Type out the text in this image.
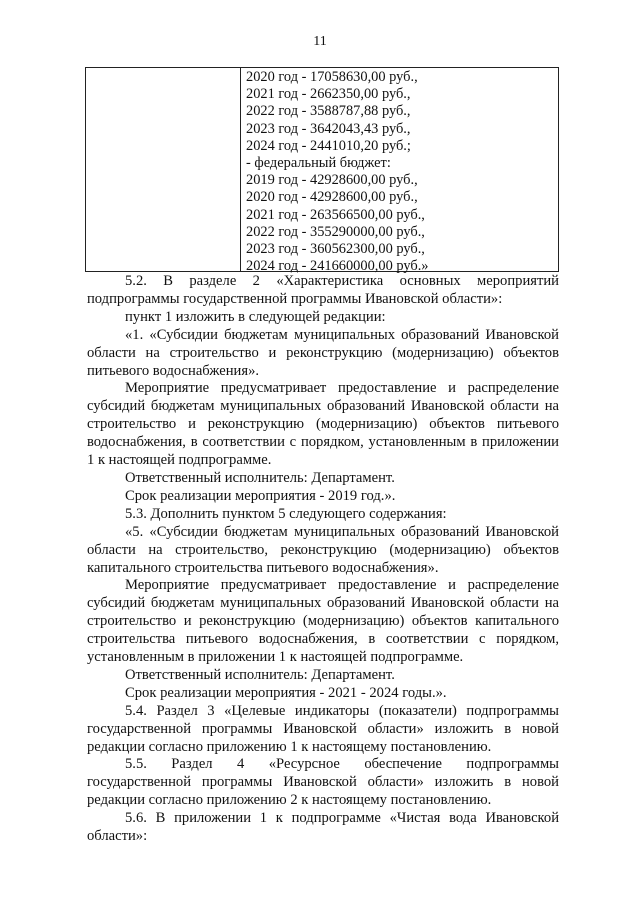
11
2020 год - 17058630,00 руб.,
2021 год - 2662350,00 руб.,
2022 год - 3588787,88 руб.,
2023 год - 3642043,43 руб.,
2024 год - 2441010,20 руб.;
- федеральный бюджет:
2019 год - 42928600,00 руб.,
2020 год - 42928600,00 руб.,
2021 год - 263566500,00 руб.,
2022 год - 355290000,00 руб.,
2023 год - 360562300,00 руб.,
2024 год - 241660000,00 руб.»
5.2. В разделе 2 «Характеристика основных мероприятий
подпрограммы государственной программы Ивановской области»:
пункт 1 изложить в следующей редакции:
«1. «Субсидии бюджетам муниципальных образований Ивановской
области на строительство и реконструкцию (модернизацию) объектов
питьевого водоснабжения».
Мероприятие предусматривает предоставление и распределение
субсидий бюджетам муниципальных образований Ивановской области на
строительство и реконструкцию (модернизацию) объектов питьевого
водоснабжения, в соответствии с порядком, установленным в приложении
1 к настоящей подпрограмме.
Ответственный исполнитель: Департамент.
Срок реализации мероприятия - 2019 год.».
5.3. Дополнить пунктом 5 следующего содержания:
«5. «Субсидии бюджетам муниципальных образований Ивановской
области на строительство, реконструкцию (модернизацию) объектов
капитального строительства питьевого водоснабжения».
Мероприятие предусматривает предоставление и распределение
субсидий бюджетам муниципальных образований Ивановской области на
строительство и реконструкцию (модернизацию) объектов капитального
строительства питьевого водоснабжения, в соответствии с порядком,
установленным в приложении 1 к настоящей подпрограмме.
Ответственный исполнитель: Департамент.
Срок реализации мероприятия - 2021 - 2024 годы.».
5.4. Раздел 3 «Целевые индикаторы (показатели) подпрограммы
государственной программы Ивановской области» изложить в новой
редакции согласно приложению 1 к настоящему постановлению.
5.5. Раздел 4 «Ресурсное обеспечение подпрограммы
государственной программы Ивановской области» изложить в новой
редакции согласно приложению 2 к настоящему постановлению.
5.6. В приложении 1 к подпрограмме «Чистая вода Ивановской
области»:
